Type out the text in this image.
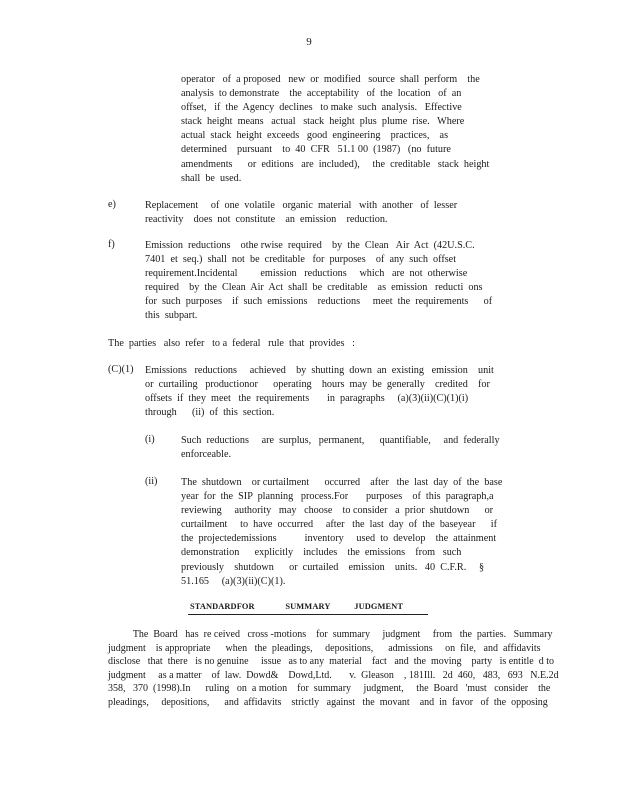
9
operator   of  a proposed   new  or  modified   source  shall  perform    the
analysis  to demonstrate    the  acceptability   of  the  location   of  an
offset,   if  the  Agency  declines   to make  such  analysis.   Effective
stack  height  means   actual   stack  height  plus  plume  rise.   Where
actual  stack  height  exceeds   good  engineering    practices,    as
determined    pursuant    to  40  CFR   51.1 00  (1987)   (no  future
amendments      or  editions   are  included),     the  creditable   stack  height
shall  be  used.
e)	Replacement     of  one  volatile   organic  material   with  another   of  lesser
reactivity    does  not  constitute    an  emission    reduction.
f)	Emission  reductions    othe rwise  required    by  the  Clean   Air  Act  (42U.S.C.
7401  et  seq.)  shall  not  be  creditable   for  purposes    of  any  such  offset
requirement.Incidental         emission   reductions     which   are  not  otherwise
required    by  the  Clean  Air  Act  shall  be  creditable    as  emission   reducti  ons
for  such  purposes    if  such  emissions    reductions     meet  the  requirements      of
this  subpart.
The  parties   also  refer   to a  federal   rule  that  provides   :
(C)(1) Emissions   reductions     achieved    by  shutting  down  an  existing   emission    unit
or  curtailing   productionor      operating    hours  may  be  generally    credited    for
offsets  if  they  meet   the  requirements       in  paragraphs     (a)(3)(ii)(C)(1)(i)
through      (ii)  of  this  section.
(i)	Such  reductions     are  surplus,   permanent,      quantifiable,     and  federally
enforceable.
(ii) The  shutdown    or curtailment      occurred    after   the  last  day  of  the  base
year  for  the  SIP  planning   process.For       purposes    of  this  paragraph,a
reviewing     authority   may   choose    to consider   a  prior  shutdown      or
curtailment     to  have  occurred     after   the  last  day  of  the  baseyear      if
the  projectedemissions           inventory     used  to  develop    the  attainment
demonstration      explicitly    includes    the  emissions    from   such
previously    shutdown      or  curtailed    emission    units.   40  C.F.R.     §
51.165     (a)(3)(ii)(C)(1).
STANDARDFOR              SUMMARY           JUDGMENT
The  Board   has  re ceived   cross -motions    for  summary     judgment     from   the  parties.   Summary
judgment    is appropriate      when   the  pleadings,     depositions,      admissions     on  file,   and  affidavits
disclose   that  there   is no genuine     issue   as to any  material    fact   and  the  moving    party   is entitle  d to
judgment     as a matter    of  law.  Dowd&    Dowd,Ltd.       v.  Gleason    , 181Ill.   2d  460,   483,   693   N.E.2d
358,   370  (1998).In      ruling   on  a motion    for  summary     judgment,     the  Board   'must   consider    the
pleadings,     depositions,      and  affidavits    strictly   against   the  movant    and  in  favor   of  the  opposing
